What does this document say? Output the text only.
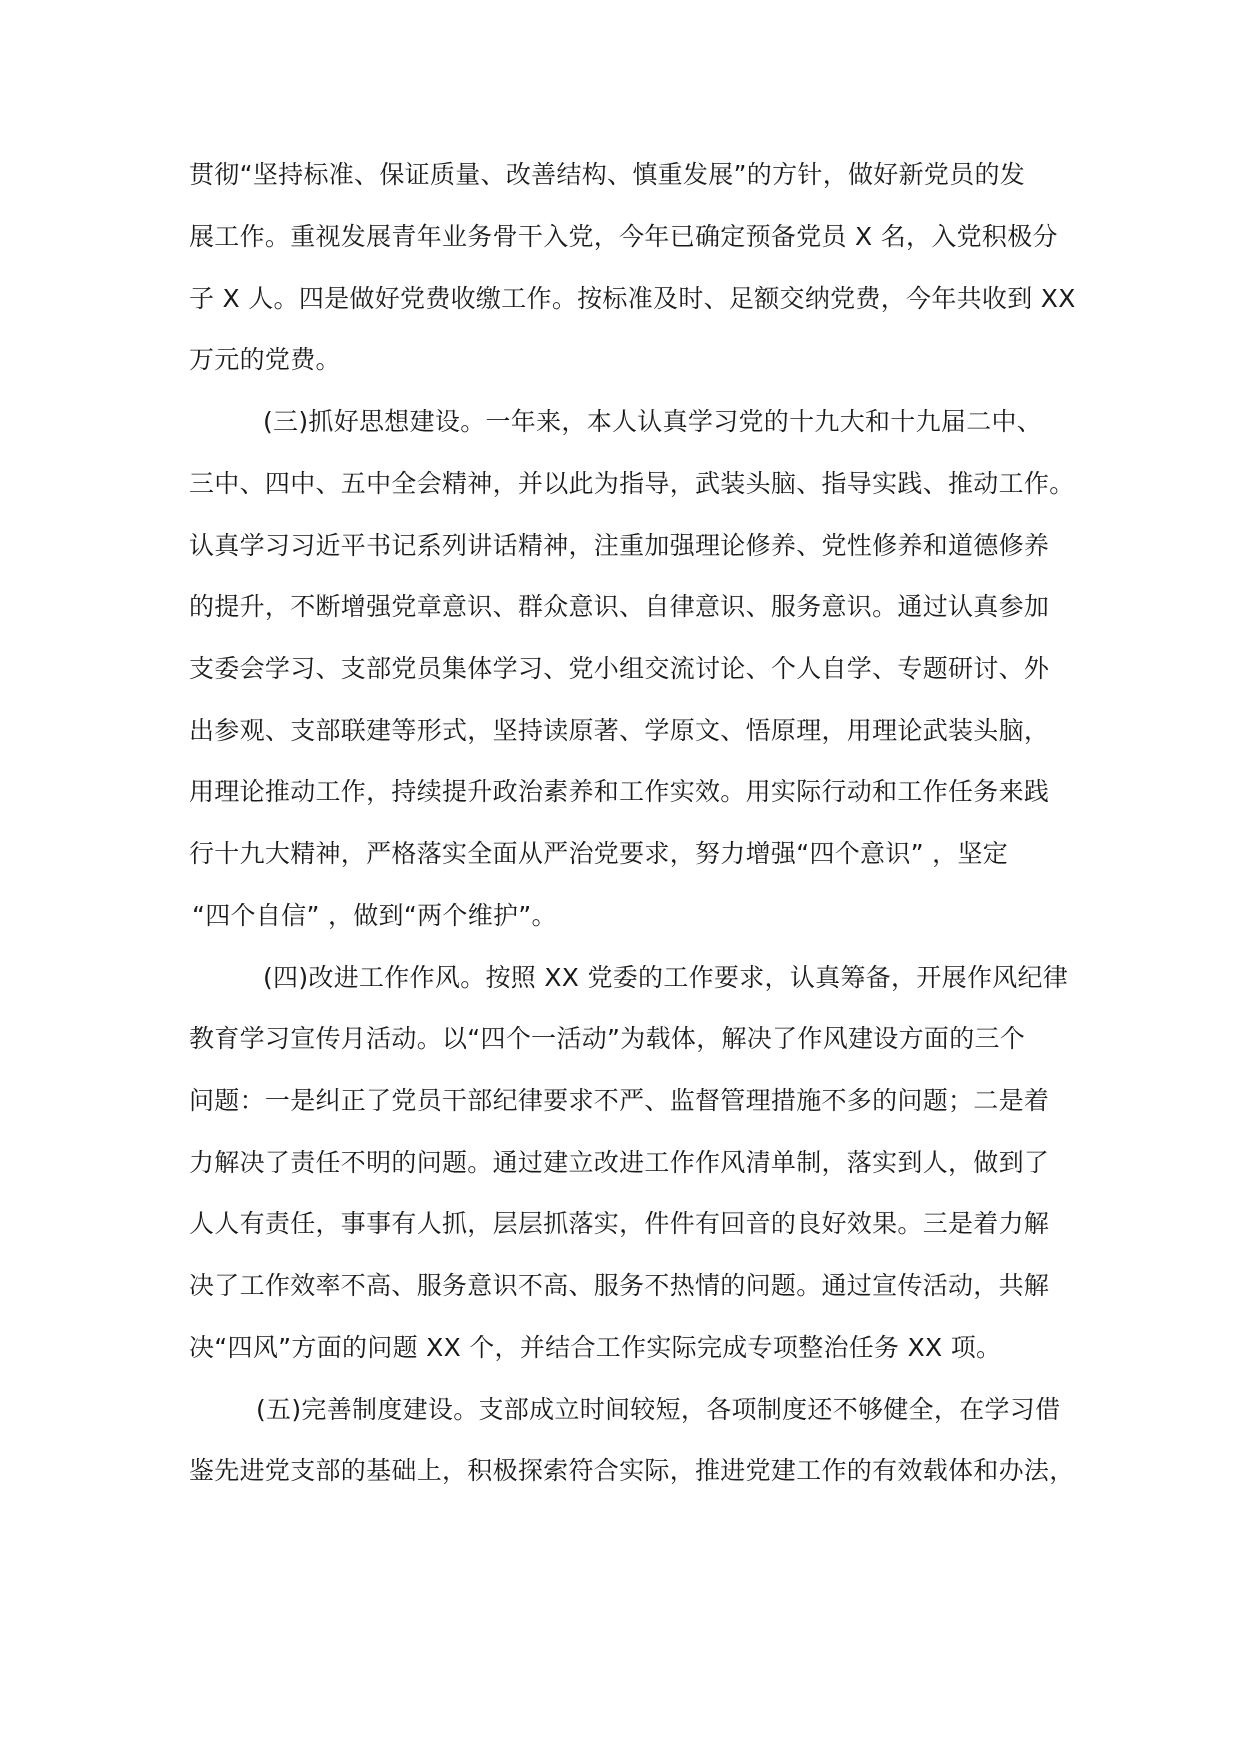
贯彻“坚持标准、保证质量、改善结构、慎重发展”的方针，做好新党员的发
展工作。重视发展青年业务骨干入党，今年已确定预备党员 X 名，入党积极分
子 X 人。四是做好党费收缴工作。按标准及时、足额交纳党费，今年共收到 XX
万元的党费。
(三)抓好思想建设。一年来，本人认真学习党的十九大和十九届二中、
三中、四中、五中全会精神，并以此为指导，武装头脑、指导实践、推动工作。
认真学习习近平书记系列讲话精神，注重加强理论修养、党性修养和道德修养
的提升，不断增强党章意识、群众意识、自律意识、服务意识。通过认真参加
支委会学习、支部党员集体学习、党小组交流讨论、个人自学、专题研讨、外
出参观、支部联建等形式，坚持读原著、学原文、悟原理，用理论武装头脑，
用理论推动工作，持续提升政治素养和工作实效。用实际行动和工作任务来践
行十九大精神，严格落实全面从严治党要求，努力增强“四个意识” ，坚定
“四个自信” ，做到“两个维护”。
(四)改进工作作风。按照 XX 党委的工作要求，认真筹备，开展作风纪律
教育学习宣传月活动。以“四个一活动”为载体，解决了作风建设方面的三个
问题：一是纠正了党员干部纪律要求不严、监督管理措施不多的问题；二是着
力解决了责任不明的问题。通过建立改进工作作风清单制，落实到人，做到了
人人有责任，事事有人抓，层层抓落实，件件有回音的良好效果。三是着力解
决了工作效率不高、服务意识不高、服务不热情的问题。通过宣传活动，共解
决“四风”方面的问题 XX 个，并结合工作实际完成专项整治任务 XX 项。
(五)完善制度建设。支部成立时间较短，各项制度还不够健全，在学习借
鉴先进党支部的基础上，积极探索符合实际，推进党建工作的有效载体和办法，
